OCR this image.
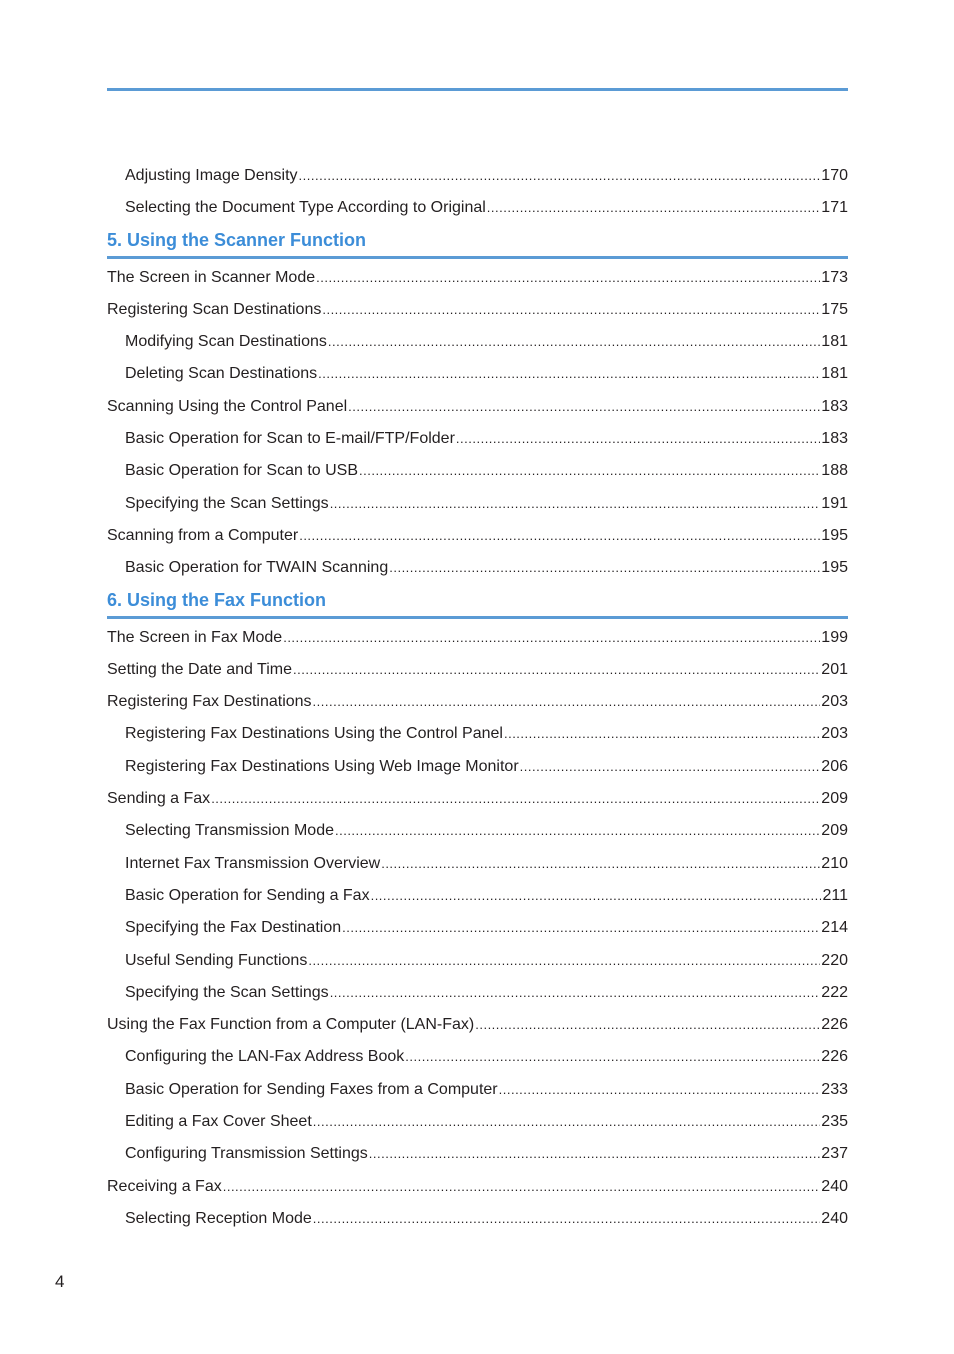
Adjusting Image Density .....	170
Selecting the Document Type According to Original .....	171
5. Using the Scanner Function
The Screen in Scanner Mode .....	173
Registering Scan Destinations .....	175
Modifying Scan Destinations .....	181
Deleting Scan Destinations .....	181
Scanning Using the Control Panel .....	183
Basic Operation for Scan to E-mail/FTP/Folder .....	183
Basic Operation for Scan to USB .....	188
Specifying the Scan Settings .....	191
Scanning from a Computer .....	195
Basic Operation for TWAIN Scanning .....	195
6. Using the Fax Function
The Screen in Fax Mode .....	199
Setting the Date and Time .....	201
Registering Fax Destinations .....	203
Registering Fax Destinations Using the Control Panel .....	203
Registering Fax Destinations Using Web Image Monitor .....	206
Sending a Fax .....	209
Selecting Transmission Mode .....	209
Internet Fax Transmission Overview .....	210
Basic Operation for Sending a Fax .....	211
Specifying the Fax Destination .....	214
Useful Sending Functions .....	220
Specifying the Scan Settings .....	222
Using the Fax Function from a Computer (LAN-Fax) .....	226
Configuring the LAN-Fax Address Book .....	226
Basic Operation for Sending Faxes from a Computer .....	233
Editing a Fax Cover Sheet .....	235
Configuring Transmission Settings .....	237
Receiving a Fax .....	240
Selecting Reception Mode .....	240
4
